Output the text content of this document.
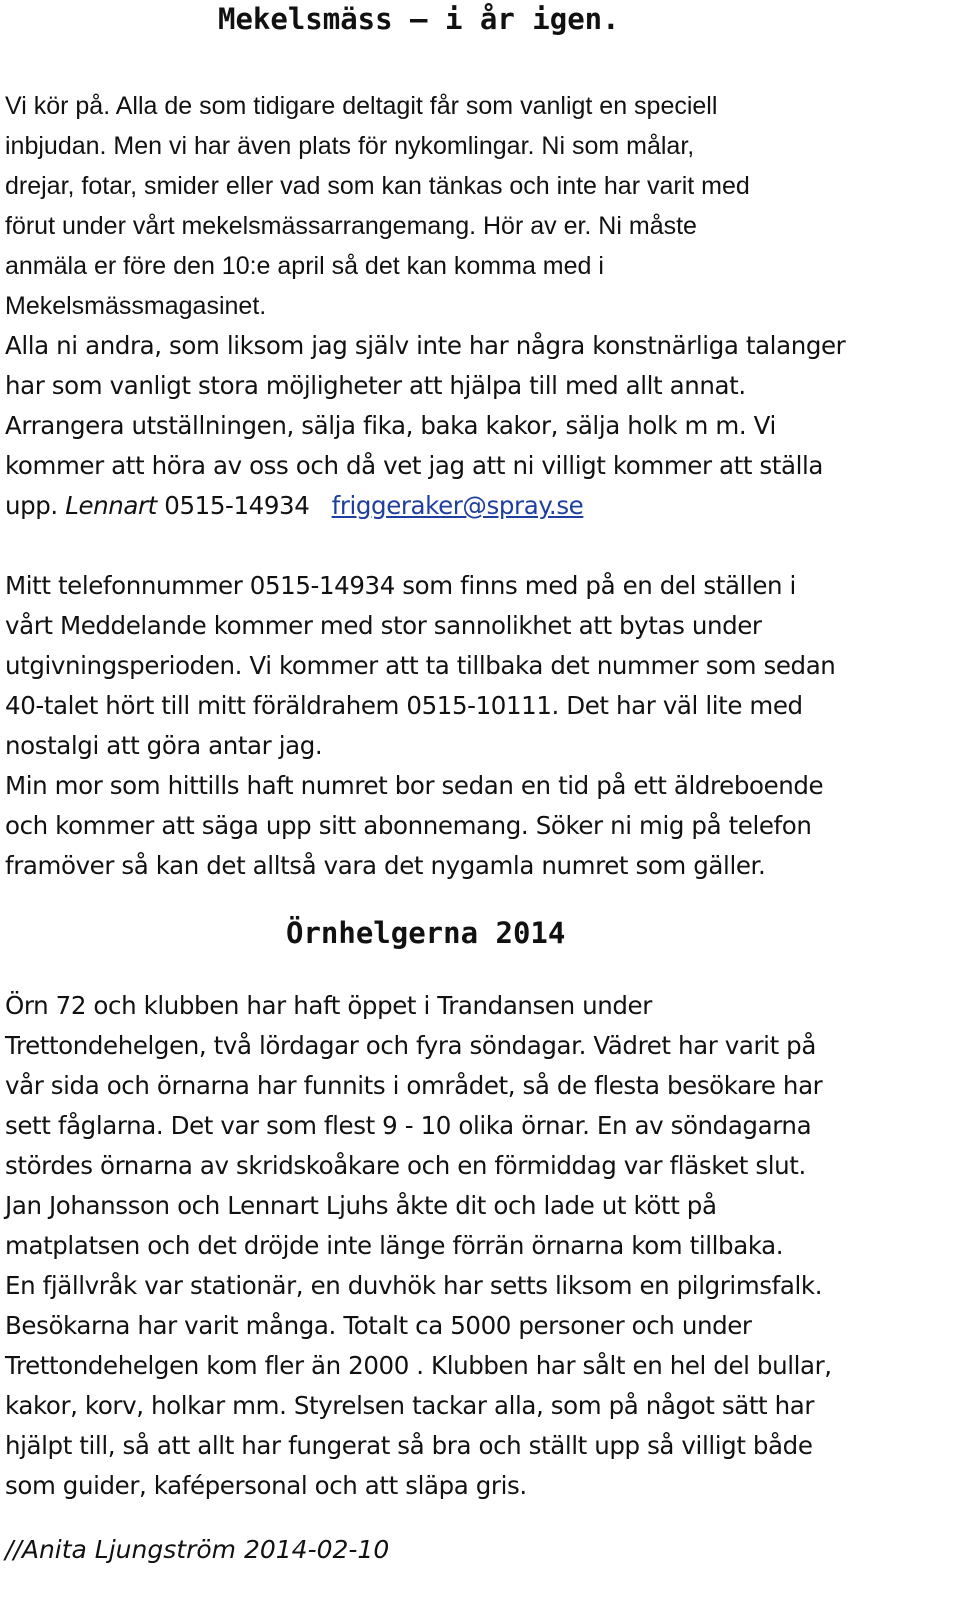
Mekelsmäss – i år igen.

Vi kör på. Alla de som tidigare deltagit får som vanligt en speciell
inbjudan. Men vi har även plats för nykomlingar. Ni som målar,
drejar, fotar, smider eller vad som kan tänkas och inte har varit med
förut under vårt mekelsmässarrangemang. Hör av er. Ni måste
anmäla er före den 10:e april så det kan komma med i
Mekelsmässmagasinet.

Alla ni andra, som liksom jag själv inte har några konstnärliga talanger
har som vanligt stora möjligheter att hjälpa till med allt annat.
Arrangera utställningen, sälja fika, baka kakor, sälja holk m m. Vi
kommer att höra av oss och då vet jag att ni villigt kommer att ställa
upp. Lennart 0515-14934 friggeraker@spray.se

Mitt telefonnummer 0515-14934 som finns med på en del ställen i
vårt Meddelande kommer med stor sannolikhet att bytas under
utgivningsperioden. Vi kommer att ta tillbaka det nummer som sedan
40-talet hört till mitt föräldrahem 0515-10111. Det har väl lite med
nostalgi att göra antar jag.
Min mor som hittills haft numret bor sedan en tid på ett äldreboende
och kommer att säga upp sitt abonnemang. Söker ni mig på telefon
framöver så kan det alltså vara det nygamla numret som gäller.

Örnhelgerna 2014

Örn 72 och klubben har haft öppet i Trandansen under
Trettondehelgen, två lördagar och fyra söndagar. Vädret har varit på
vår sida och örnarna har funnits i området, så de flesta besökare har
sett fåglarna. Det var som flest 9 - 10 olika örnar. En av söndagarna
stördes örnarna av skridskoåkare och en förmiddag var fläsket slut.
Jan Johansson och Lennart Ljuhs åkte dit och lade ut kött på
matplatsen och det dröjde inte länge förrän örnarna kom tillbaka.
En fjällvråk var stationär, en duvhök har setts liksom en pilgrimsfalk.
Besökarna har varit många. Totalt ca 5000 personer och under
Trettondehelgen kom fler än 2000 . Klubben har sålt en hel del bullar,
kakor, korv, holkar mm. Styrelsen tackar alla, som på något sätt har
hjälpt till, så att allt har fungerat så bra och ställt upp så villigt både
som guider, kafépersonal och att släpa gris.

//Anita Ljungström 2014-02-10
